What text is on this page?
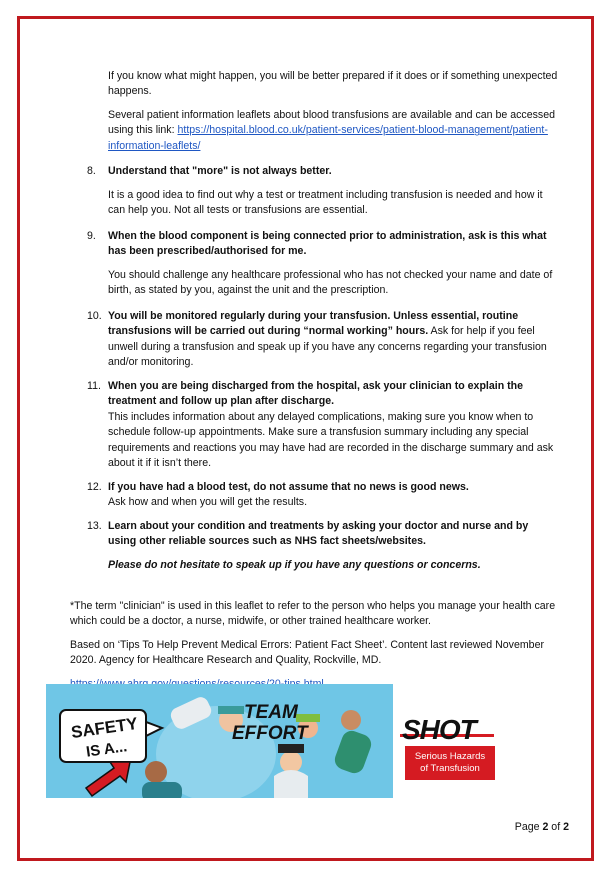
If you know what might happen, you will be better prepared if it does or if something unexpected happens.

Several patient information leaflets about blood transfusions are available and can be accessed using this link: https://hospital.blood.co.uk/patient-services/patient-blood-management/patient-information-leaflets/

8. Understand that "more" is not always better.

It is a good idea to find out why a test or treatment including transfusion is needed and how it can help you. Not all tests or transfusions are essential.

9. When the blood component is being connected prior to administration, ask is this what has been prescribed/authorised for me.

You should challenge any healthcare professional who has not checked your name and date of birth, as stated by you, against the unit and the prescription.

10. You will be monitored regularly during your transfusion. Unless essential, routine transfusions will be carried out during “normal working” hours. Ask for help if you feel unwell during a transfusion and speak up if you have any concerns regarding your transfusion and/or monitoring.

11. When you are being discharged from the hospital, ask your clinician to explain the treatment and follow up plan after discharge.

This includes information about any delayed complications, making sure you know when to schedule follow-up appointments. Make sure a transfusion summary including any special requirements and reactions you may have had are recorded in the discharge summary and ask about it if it isn’t there.

12. If you have had a blood test, do not assume that no news is good news.

Ask how and when you will get the results.

13. Learn about your condition and treatments by asking your doctor and nurse and by using other reliable sources such as NHS fact sheets/websites.

Please do not hesitate to speak up if you have any questions or concerns.

*The term "clinician" is used in this leaflet to refer to the person who helps you manage your health care which could be a doctor, a nurse, midwife, or other trained healthcare worker.

Based on ‘Tips To Help Prevent Medical Errors: Patient Fact Sheet’. Content last reviewed November 2020. Agency for Healthcare Research and Quality, Rockville, MD.

Page 2 of 2
SAFETY
IS A...
TEAM
EFFORT	SHOT
Serious Hazards
of Transfusion
